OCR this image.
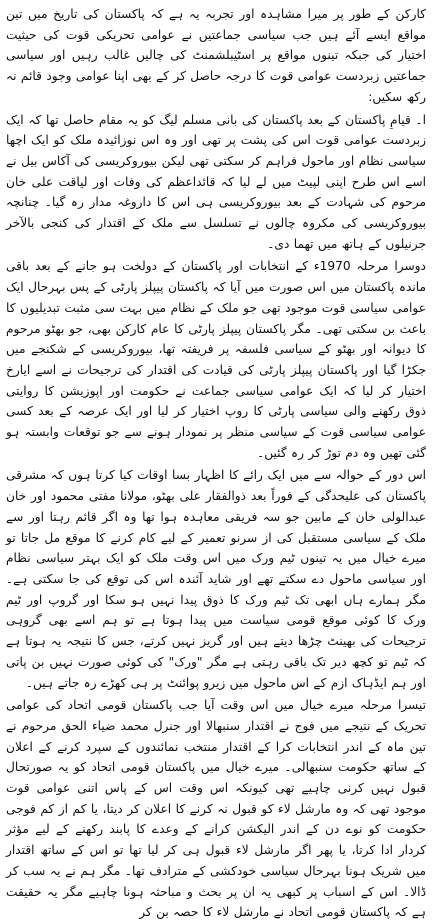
کارکن کے طور پر میرا مشاہدہ اور تجربہ یہ ہے کہ پاکستان کی تاریخ میں تین مواقع ایسے آئے ہیں جب سیاسی جماعتیں نے عوامی تحریکی قوت کی حیثیت اختیار کی جبکہ تینوں مواقع پر اسٹیبلشمنٹ کی چالیں غالب رہیں اور سیاسی جماعتیں زبردست عوامی قوت کا درجہ حاصل کر کے بھی اپنا عوامی وجود قائم نہ رکھ سکیں:

ا۔ قیامِ پاکستان کے بعد پاکستان کی بانی مسلم لیگ کو یہ مقام حاصل تھا کہ ایک زبردست عوامی قوت اس کی پشت پر تھی اور وہ اس نوزائیدہ ملک کو ایک اچھا سیاسی نظام اور ماحول فراہم کر سکتی تھی لیکن بیوروکریسی کی آکاس بیل نے اسے اس طرح اپنی لپیٹ میں لے لیا کہ قائداعظم کی وفات اور لیاقت علی خان مرحوم کی شہادت کے بعد بیوروکریسی ہی اس کا داروغہ مدار رہ گیا۔ چنانچہ بیوروکریسی کی مکروہ چالوں نے تسلسل سے ملک کے اقتدار کی کنجی بالآخر جرنیلوں کے ہاتھ میں تھما دی۔

دوسرا مرحلہ 1970ء کے انتخابات اور پاکستان کے دولخت ہو جانے کے بعد باقی ماندہ پاکستان میں اس صورت میں آیا کہ پاکستان پیپلز پارٹی کے پس بہرحال ایک عوامی سیاسی قوت موجود تھی جو ملک کے نظام میں بہت سی مثبت تبدیلیوں کا باعث بن سکتی تھی۔ مگر پاکستان پیپلز پارٹی کا عام کارکن بھی، جو بھٹو مرحوم کا دیوانہ اور بھٹو کے سیاسی فلسفہ پر فریفتہ تھا، بیوروکریسی کے شکنجے میں جکڑا گیا اور پاکستان پیپلز پارٹی کی قیادت کی اقتدار کی ترجیحات نے اسے ایارخ اختیار کر لیا کہ ایک عوامی سیاسی جماعت نے حکومت اور اپوزیشن کا روایتی ذوق رکھنے والی سیاسی پارٹی کا روپ اختیار کر لیا اور ایک عرصہ کے بعد کسی عوامی سیاسی قوت کے سیاسی منظر پر نمودار ہونے سے جو توقعات وابستہ ہو گئی تھیں وہ دم توڑ کر رہ گئیں۔

اس دور کے حوالہ سے میں ایک رائے کا اظہار بسا اوقات کیا کرتا ہوں کہ مشرقی پاکستان کی علیحدگی کے فوراً بعد ذوالفقار علی بھٹو، مولانا مفتی محمود اور خان عبدالولی خان کے مابین جو سہ فریقی معاہدہ ہوا تھا وہ اگر قائم رہتا اور سے ملک کے سیاسی مستقبل کی از سرنو تعمیر کے لیے کام کرنے کا موقع مل جاتا تو میرے خیال میں یہ تینوں ٹیم ورک میں اس وقت ملک کو ایک بہتر سیاسی نظام اور سیاسی ماحول دے سکتے تھے اور شاید آئندہ اس کی توقع کی جا سکتی ہے۔ مگر ہمارے ہاں ابھی تک ٹیم ورک کا ذوق پیدا نہیں ہو سکا اور گروپ اور ٹیم ورک کا کوئی موقع قومی سیاست میں پیدا ہوتا ہے تو ہم اسے بھی گروہی ترجیحات کی بھینٹ چڑھا دیتے ہیں اور گریز نہیں کرتے، جس کا نتیجہ یہ ہوتا ہے کہ ٹیم تو کچھ دیر تک باقی رہتی ہے مگر "ورک" کی کوئی صورت نہیں بن پاتی اور ہم ایڈہاک ازم کے اس ماحول میں زیرو پوائنٹ پر ہی کھڑے رہ جاتے ہیں۔

تیسرا مرحلہ میرے خیال میں اس وقت آیا جب پاکستان قومی اتحاد کی عوامی تحریک کے نتیجے میں فوج نے اقتدار سنبھالا اور جنرل محمد ضیاء الحق مرحوم نے تین ماہ کے اندر انتخابات کرا کے اقتدار منتخب نمائندوں کے سپرد کرنے کے اعلان کے ساتھ حکومت سنبھالی۔ میرے خیال میں پاکستان قومی اتحاد کو یہ صورتحال قبول نہیں کرنی چاہیے تھی کیونکہ اس وقت اس کے پاس اتنی عوامی قوت موجود تھی کہ وہ مارشل لاء کو قبول نہ کرنے کا اعلان کر دیتا، یا کم از کم فوجی حکومت کو نوے دن کے اندر الیکشن کرانے کے وعدے کا پابند رکھنے کے لیے مؤثر کردار ادا کرتا، یا پھر اگر مارشل لاء قبول ہی کر لیا تھا تو اس کے ساتھ اقتدار میں شریک ہونا بہرحال سیاسی خودکشی کے مترادف تھا۔ مگر ہم نے یہ سب کر ڈالا۔ اس کے اسباب پر کبھی یہ ان پر بحث و مباحثہ ہونا چاہیے مگر یہ حقیقت ہے کہ پاکستان قومی اتحاد نے مارشل لاء کا حصہ بن کر
